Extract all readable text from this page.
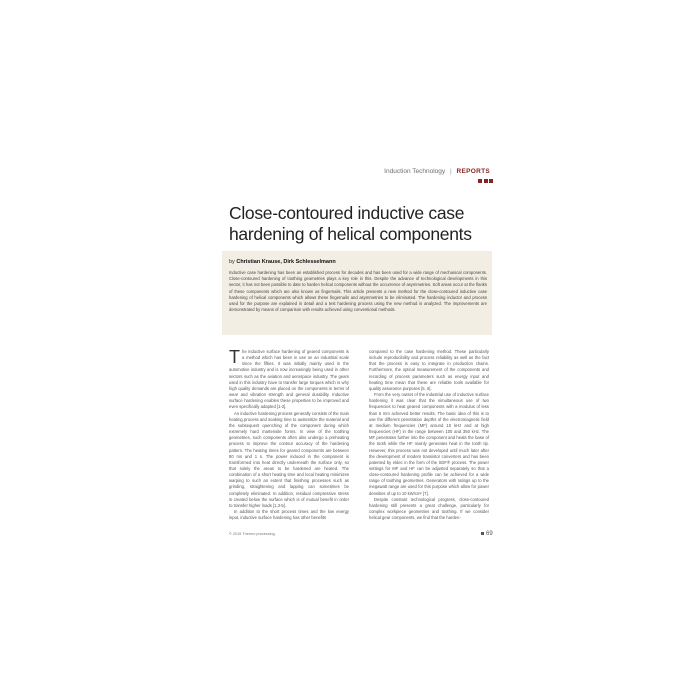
Induction Technology | REPORTS
Close-contoured inductive case hardening of helical components
by Christian Krause, Dirk Schlesselmann

Inductive case hardening has been an established process for decades and has been used for a wide range of mechanical components. Close-contoured hardening of toothing geometries plays a key role in this. Despite the advance of technological developments in this sector, it has not been possible to date to harden helical components without the occurrence of asymmetries. Soft areas occur at the flanks of these components which are also known as fingernails. This article presents a new method for the close-contoured inductive case hardening of helical components which allows these fingernails and asymmetries to be eliminated. The hardening inductor and process used for the purpose are explained in detail and a test hardening process using the new method is analyzed. The improvements are demonstrated by means of comparison with results achieved using conventional methods.

The inductive surface hardening of geared components is a method which has been in use on an industrial scale since the fifties. It was initially mainly used in the automotive industry and is now increasingly being used in other sectors such as the aviation and aerospace industry. The gears used in this industry have to transfer large torques which is why high quality demands are placed on the components in terms of wear and vibration strength and general durability. Inductive surface hardening enables these properties to be improved and even specifically adapted [1-2].

An inductive hardening process generally consists of the main heating process and soaking time to austenitize the material and the subsequent quenching of the component during which extremely hard martensite forms. In view of the toothing geometries, such components often also undergo a preheating process to improve the contour accuracy of the hardening pattern. The heating times for geared components are between 80 ms and 1 s. The power induced in the component is transformed into heat directly underneath the surface only, so that solely the areas to be hardened are heated. The combination of a short heating time and local heating minimizes warping to such an extent that finishing processes such as grinding, straightening and lapping can sometimes be completely eliminated. In addition, residual compressive stress is created below the surface which is of mutual benefit in order to transfer higher loads [1,3-5].

In addition to the short process times and the low energy input, inductive surface hardening has other benefits

compared to the case hardening method. These particularly include reproducibility and process reliability as well as the fact that the process is easy to integrate in production chains. Furthermore, the optical measurement of the components and recording of process parameters such as energy input and heating time mean that these are reliable tools available for quality assurance purposes [5, 6].

From the very outset of the industrial use of inductive surface hardening it was clear that the simultaneous use of two frequencies to heat geared components with a modulus of less than 5 mm achieved better results. The basic idea of this is to use the different penetration depths of the electromagnetic field at medium frequencies (MF) around 10 kHz and at high frequencies (HF) in the range between 100 and 350 kHz. The MF penetrates further into the component and heats the base of the tooth while the HF mainly generates heat in the tooth tip. However, this process was not developed until much later after the development of modern transistor converters and has been patented by eldec in the form of the SDF® process. The power settings for MF and HF can be adjusted separately so that a close-contoured hardening profile can be achieved for a wide range of toothing geometries. Generators with ratings up to the megawatt range are used for this purpose which allow for power densities of up to 10 kW/cm² [7].

Despite constant technological progress, close-contoured hardening still presents a great challenge, particularly for complex workpiece geometries and toothing. If we consider helical gear components, we find that the harden-

© 2015 Thermo processing	69
